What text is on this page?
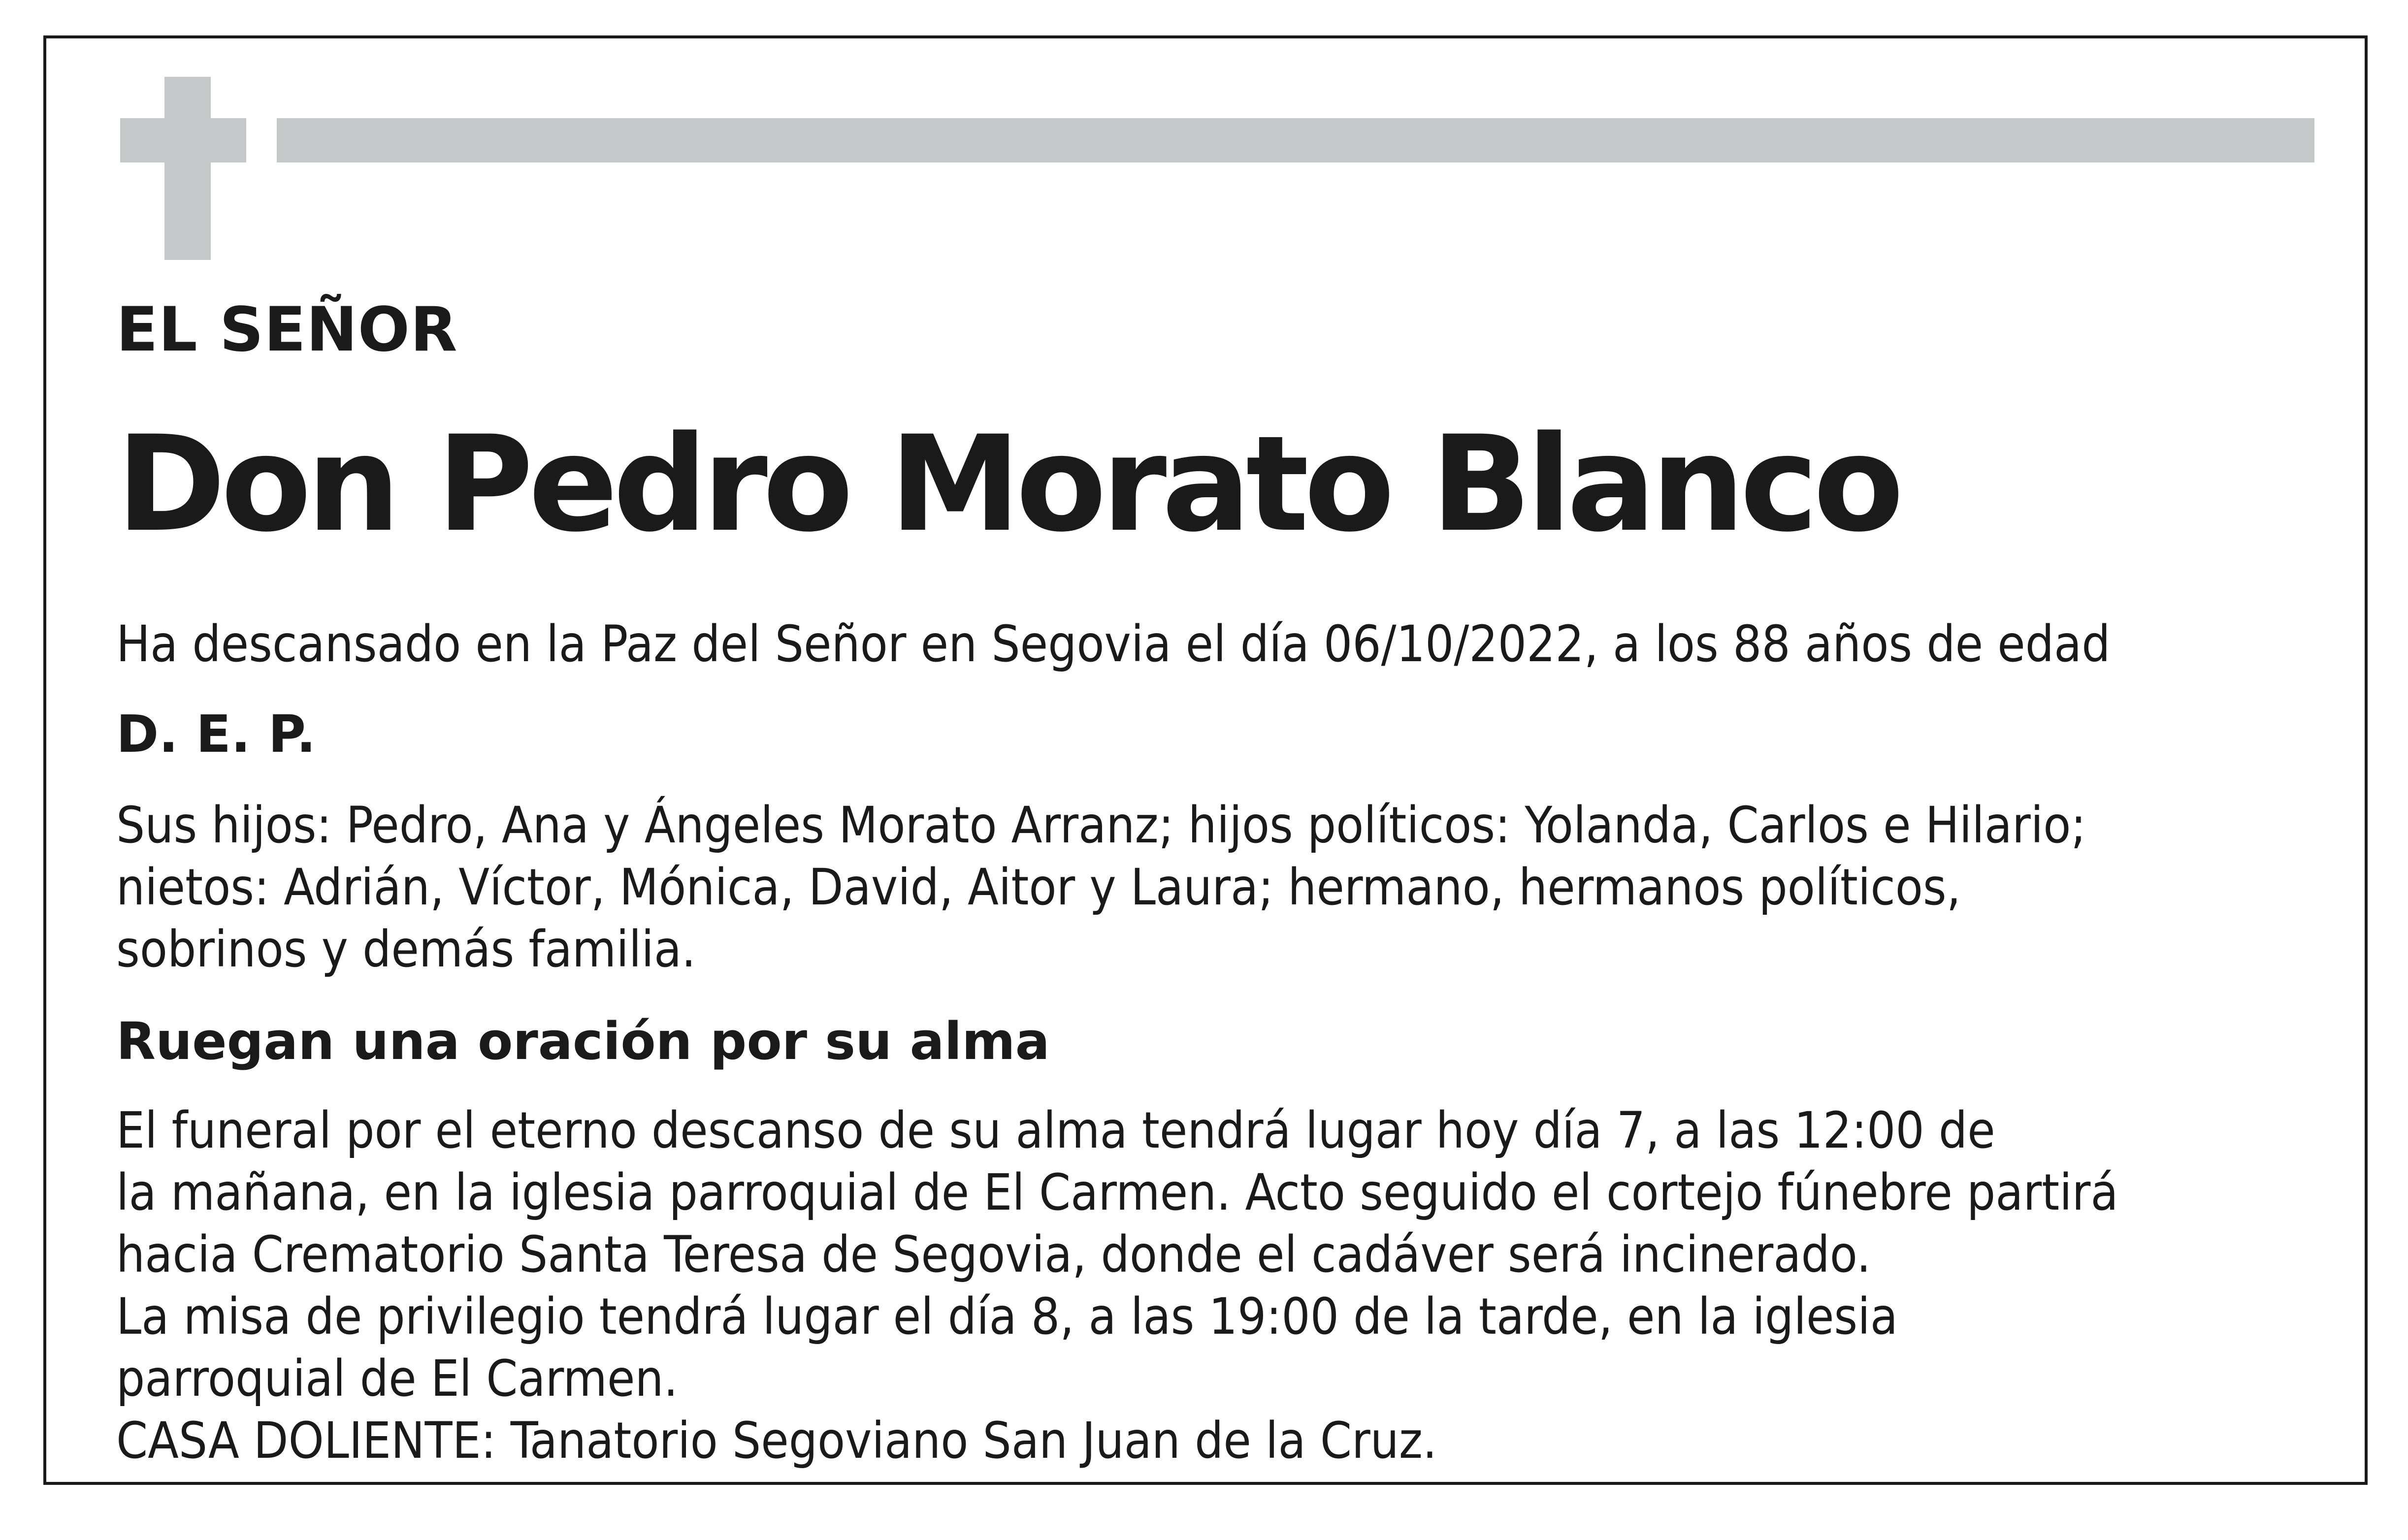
EL SEÑOR
Don Pedro Morato Blanco
Ha descansado en la Paz del Señor en Segovia el día 06/10/2022, a los 88 años de edad
D. E. P.
Sus hijos: Pedro, Ana y Ángeles Morato Arranz; hijos políticos: Yolanda, Carlos e Hilario;
nietos: Adrián, Víctor, Mónica, David, Aitor y Laura; hermano, hermanos políticos,
sobrinos y demás familia.
Ruegan una oración por su alma
El funeral por el eterno descanso de su alma tendrá lugar hoy día 7, a las 12:00 de
la mañana, en la iglesia parroquial de El Carmen. Acto seguido el cortejo fúnebre partirá
hacia Crematorio Santa Teresa de Segovia, donde el cadáver será incinerado.
La misa de privilegio tendrá lugar el día 8, a las 19:00 de la tarde, en la iglesia
parroquial de El Carmen.
CASA DOLIENTE: Tanatorio Segoviano San Juan de la Cruz.
